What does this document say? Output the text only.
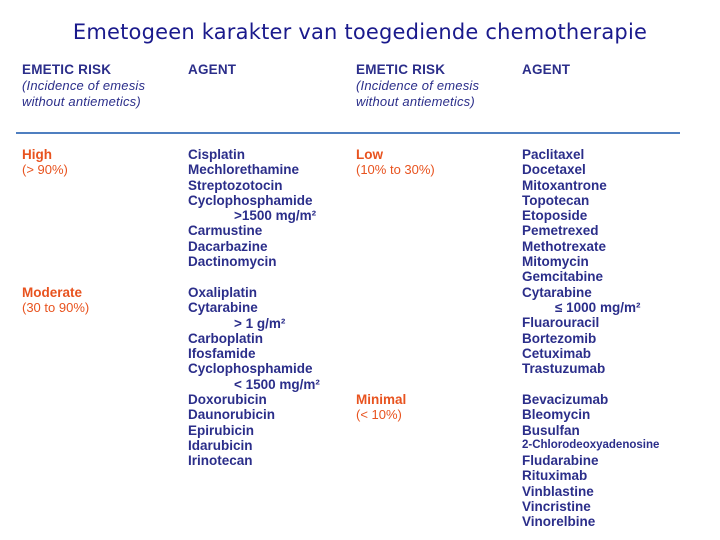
Emetogeen karakter van toegediende chemotherapie
EMETIC RISK
(Incidence of emesis without antiemetics)
AGENT	EMETIC RISK
(Incidence of emesis without antiemetics)
AGENT
High
(> 90%)
Cisplatin
Mechlorethamine
Streptozotocin
Cyclophosphamide
>1500 mg/m²
Carmustine
Dacarbazine
Dactinomycin
Moderate
(30 to 90%)
Oxaliplatin
Cytarabine
> 1 g/m²
Carboplatin
Ifosfamide
Cyclophosphamide
< 1500 mg/m²
Doxorubicin
Daunorubicin
Epirubicin
Idarubicin
Irinotecan
Low
(10% to 30%)
Paclitaxel
Docetaxel
Mitoxantrone
Topotecan
Etoposide
Pemetrexed
Methotrexate
Mitomycin
Gemcitabine
Cytarabine
≤ 1000 mg/m²
Fluarouracil
Bortezomib
Cetuximab
Trastuzumab
Minimal
(< 10%)
Bevacizumab
Bleomycin
Busulfan
2-Chlorodeoxyadenosine
Fludarabine
Rituximab
Vinblastine
Vincristine
Vinorelbine
